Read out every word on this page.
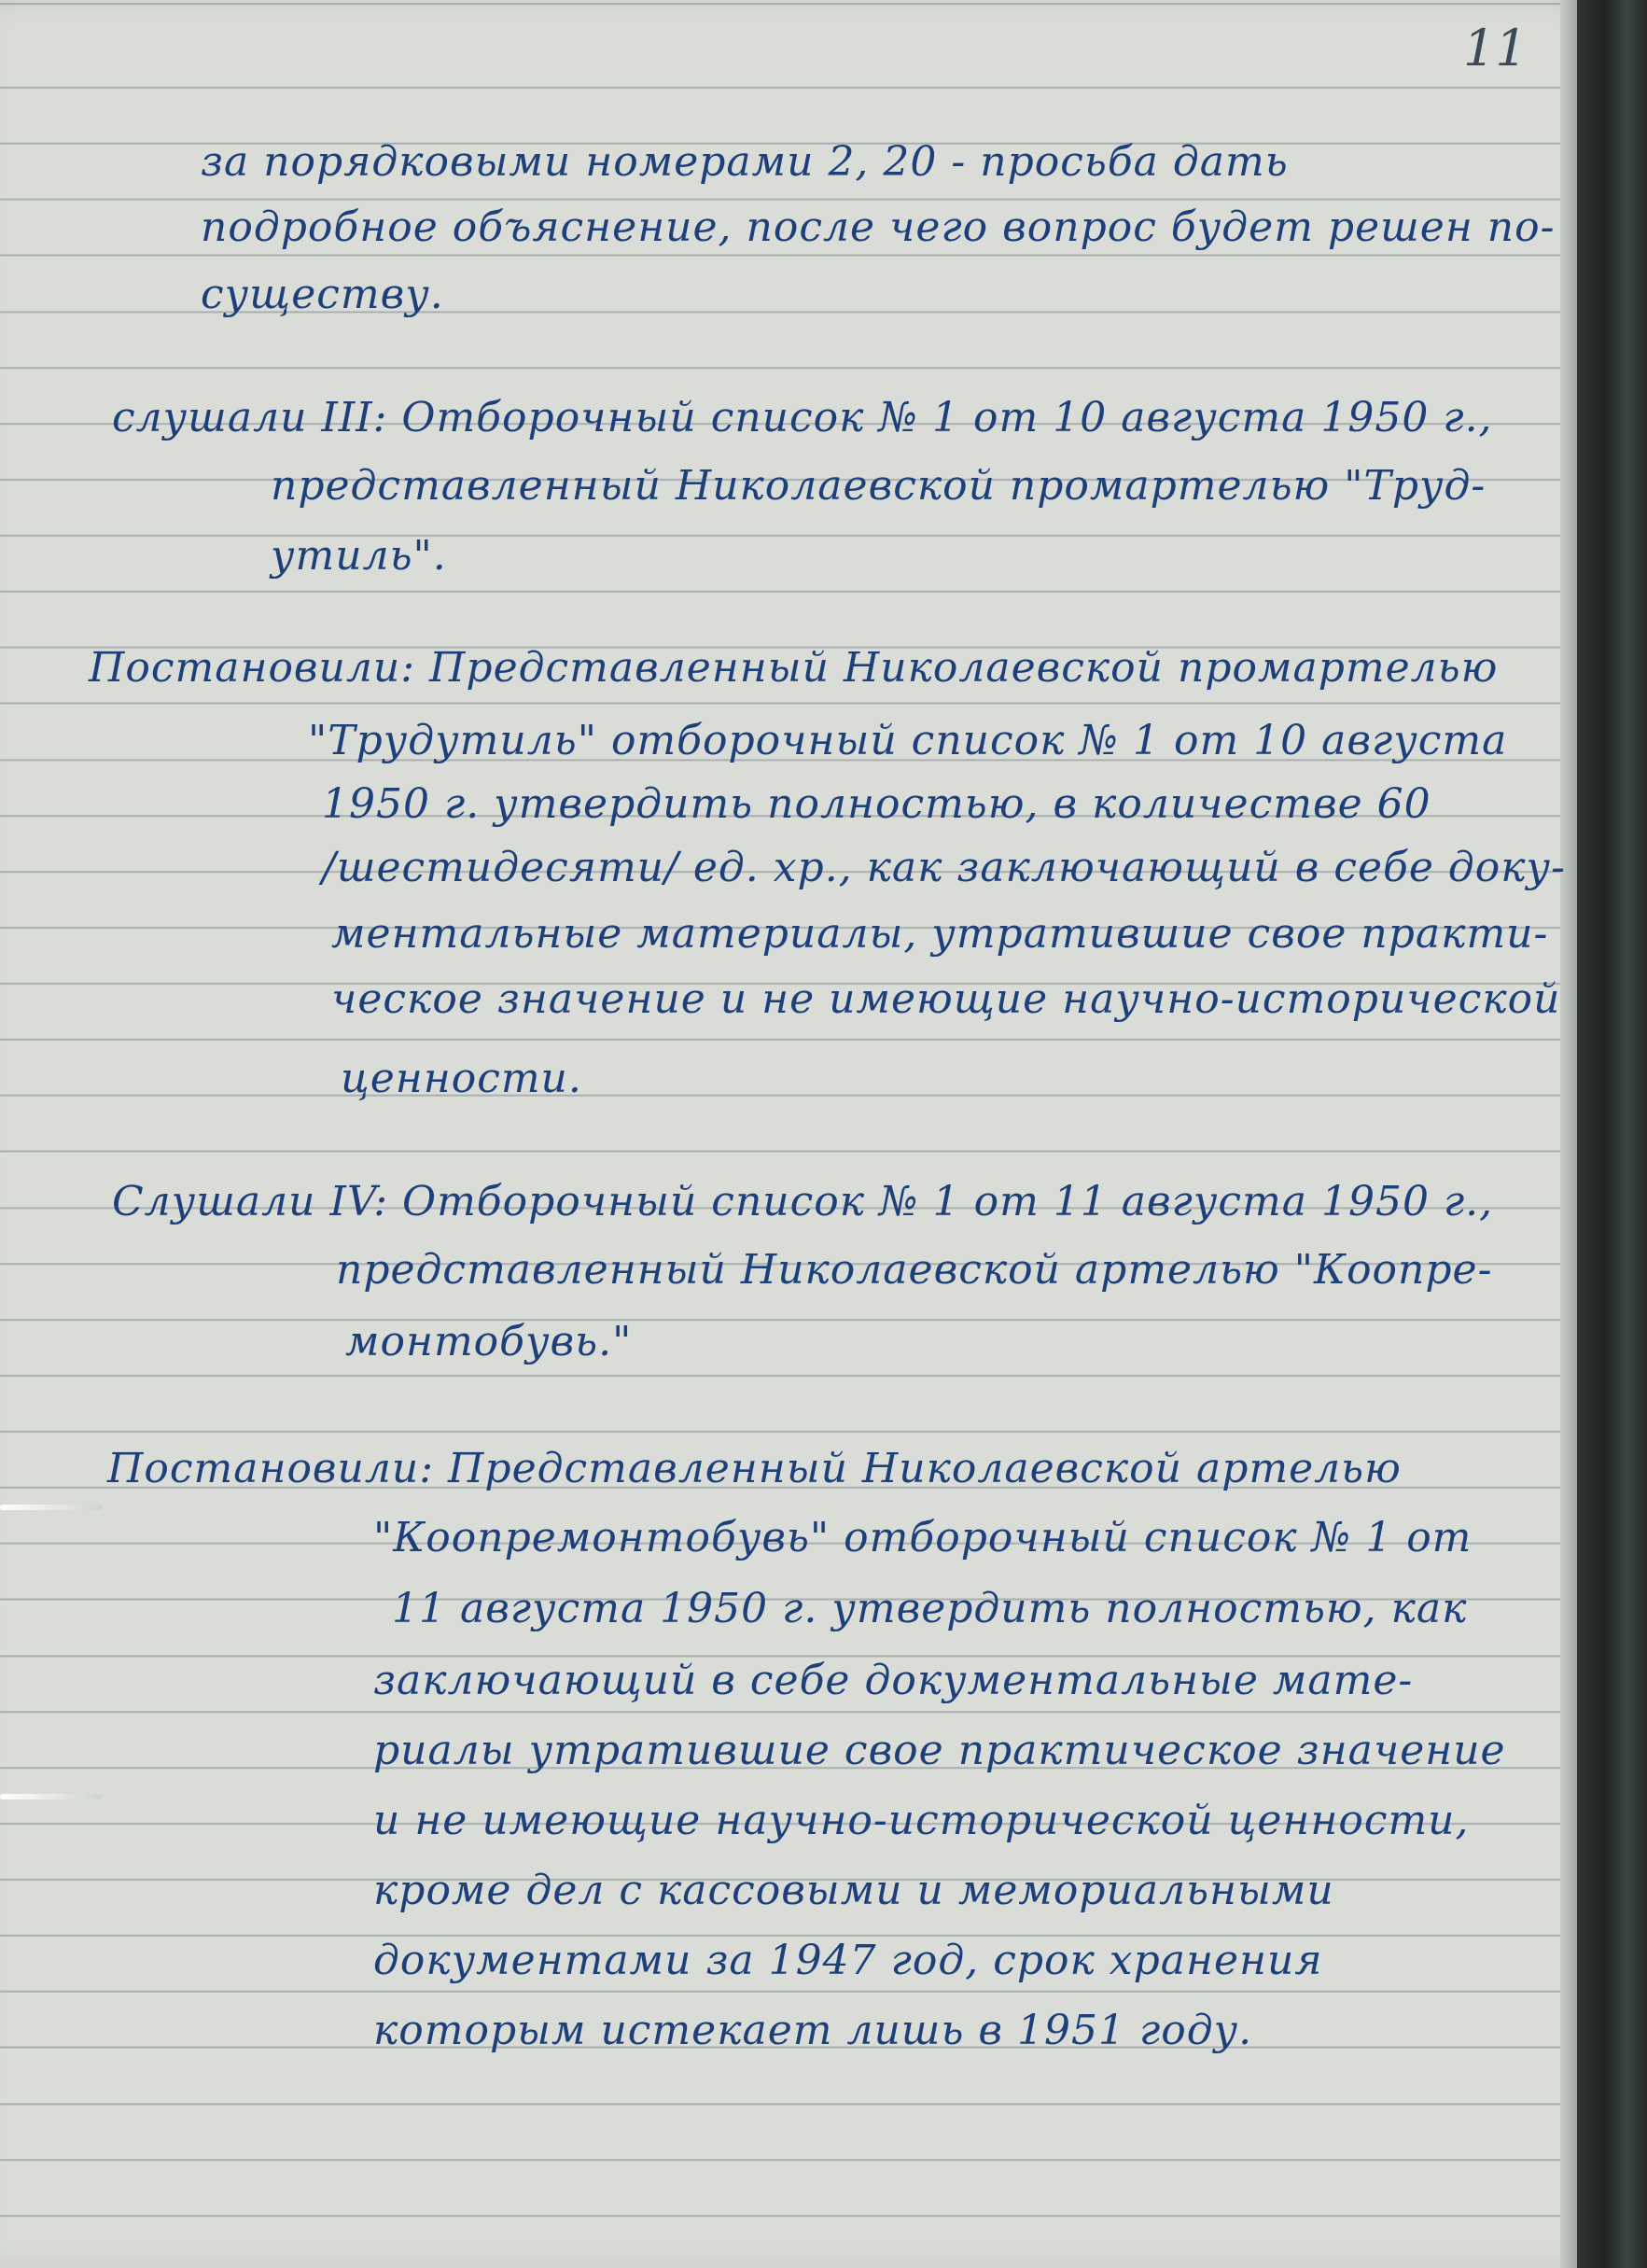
11

за порядковыми номерами 2, 20 - просьба дать

подробное объяснение, после чего вопрос будет решен по-

существу.

слушали III: Отборочный список № 1 от 10 августа 1950 г.,

представленный Николаевской промартелью "Труд-

утиль".

Постановили: Представленный Николаевской промартелью

"Трудутиль" отборочный список № 1 от 10 августа

1950 г. утвердить полностью, в количестве 60

/шестидесяти/ ед. хр., как заключающий в себе доку-

ментальные материалы, утратившие свое практи-

ческое значение и не имеющие научно-исторической

ценности.

Слушали IV: Отборочный список № 1 от 11 августа 1950 г.,

представленный Николаевской артелью "Коопре-

монтобувь."

Постановили: Представленный Николаевской артелью

"Коопремонтобувь" отборочный список № 1 от

11 августа 1950 г. утвердить полностью, как

заключающий в себе документальные мате-

риалы утратившие свое практическое значение

и не имеющие научно-исторической ценности,

кроме дел с кассовыми и мемориальными

документами за 1947 год, срок хранения

которым истекает лишь в 1951 году.
